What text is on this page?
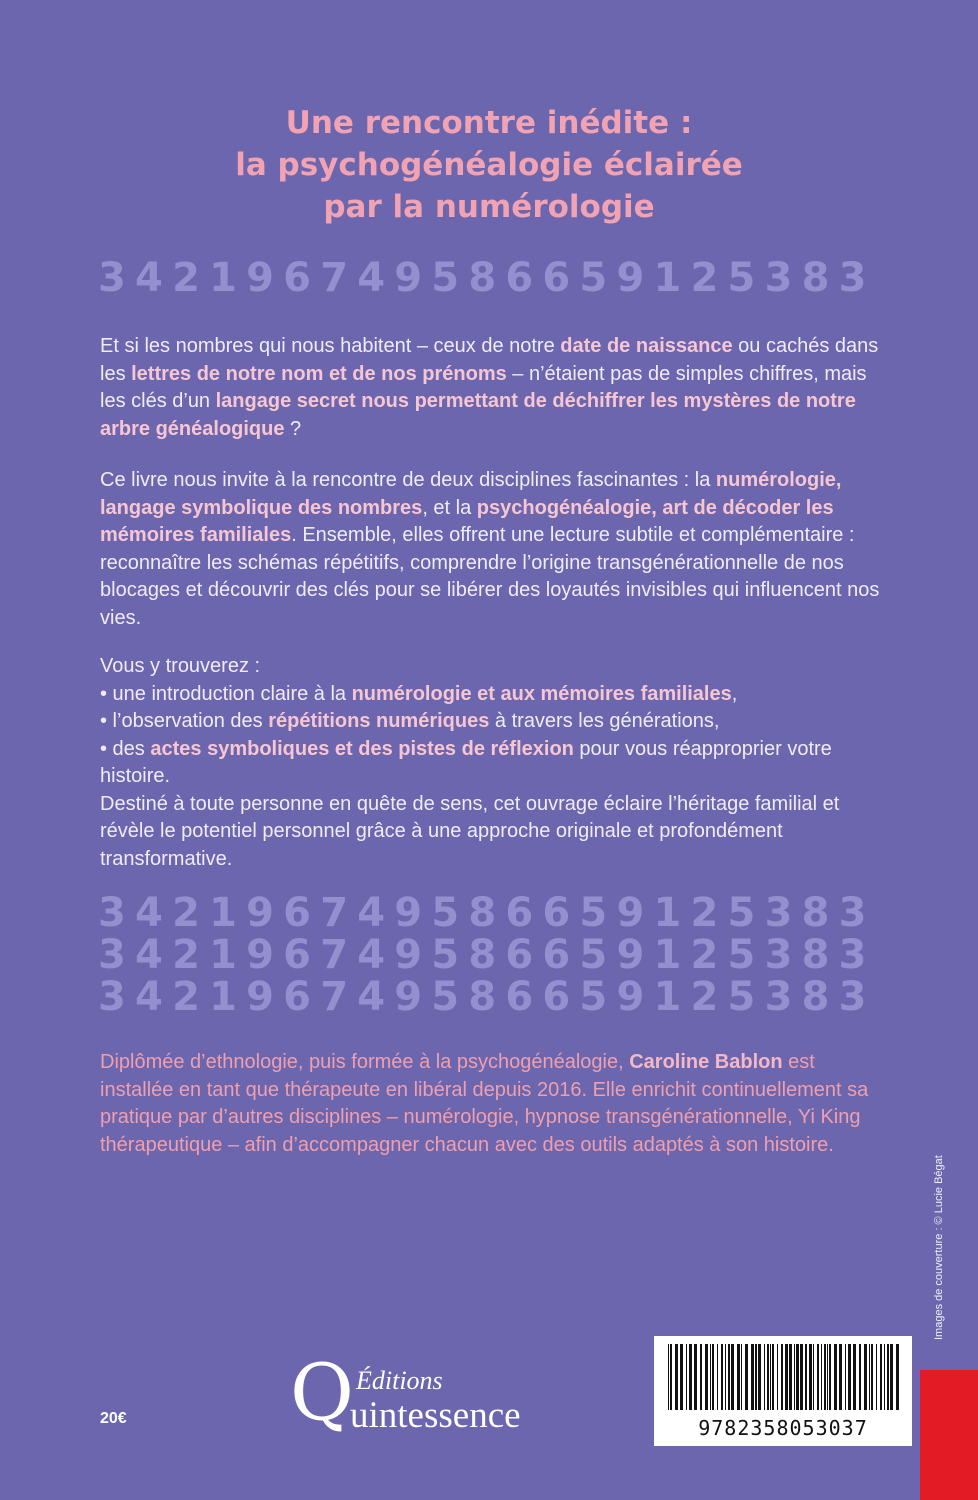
Une rencontre inédite :
la psychogénéalogie éclairée
par la numérologie
342196749586659125383

Et si les nombres qui nous habitent – ceux de notre date de naissance ou cachés dans les lettres de notre nom et de nos prénoms – n’étaient pas de simples chiffres, mais les clés d’un langage secret nous permettant de déchiffrer les mystères de notre arbre généalogique ?

Ce livre nous invite à la rencontre de deux disciplines fascinantes : la numérologie, langage symbolique des nombres, et la psychogénéalogie, art de décoder les mémoires familiales. Ensemble, elles offrent une lecture subtile et complémentaire : reconnaître les schémas répétitifs, comprendre l’origine transgénérationnelle de nos blocages et découvrir des clés pour se libérer des loyautés invisibles qui influencent nos vies.

Vous y trouverez :

• une introduction claire à la numérologie et aux mémoires familiales,

• l’observation des répétitions numériques à travers les générations,

• des actes symboliques et des pistes de réflexion pour vous réapproprier votre histoire.

Destiné à toute personne en quête de sens, cet ouvrage éclaire l’héritage familial et révèle le potentiel personnel grâce à une approche originale et profondément transformative.

342196749586659125383
342196749586659125383
342196749586659125383
Diplômée d’ethnologie, puis formée à la psychogénéalogie, Caroline Bablon est installée en tant que thérapeute en libéral depuis 2016. Elle enrichit continuellement sa pratique par d’autres disciplines – numérologie, hypnose transgénérationnelle, Yi King thérapeutique – afin d’accompagner chacun avec des outils adaptés à son histoire.
Images de couverture : © Lucie Bégat
9782358053037
Q Éditions
uintessence
20€
